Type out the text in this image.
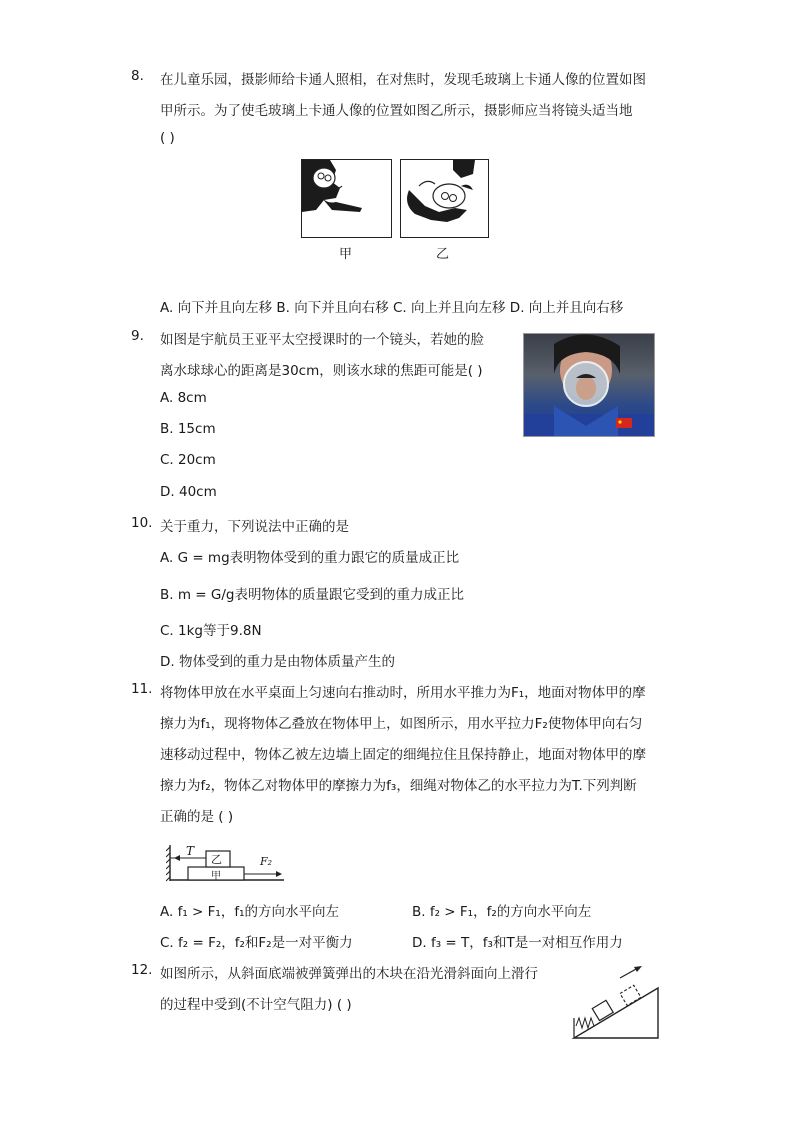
8. 在儿童乐园，摄影师给卡通人照相，在对焦时，发现毛玻璃上卡通人像的位置如图
甲所示。为了使毛玻璃上卡通人像的位置如图乙所示，摄影师应当将镜头适当地
( )
甲	乙
A. 向下并且向左移 B. 向下并且向右移 C. 向上并且向左移 D. 向上并且向右移
9. 如图是宇航员王亚平太空授课时的一个镜头，若她的脸
离水球球心的距离是30cm，则该水球的焦距可能是( )
A. 8cm
B. 15cm
C. 20cm
D. 40cm
10. 关于重力，下列说法中正确的是
A. G = mg表明物体受到的重力跟它的质量成正比
B. m = G/g表明物体的质量跟它受到的重力成正比
C. 1kg等于9.8N
D. 物体受到的重力是由物体质量产生的
11. 将物体甲放在水平桌面上匀速向右推动时，所用水平推力为F₁，地面对物体甲的摩
擦力为f₁，现将物体乙叠放在物体甲上，如图所示，用水平拉力F₂使物体甲向右匀
速移动过程中，物体乙被左边墙上固定的细绳拉住且保持静止，地面对物体甲的摩
擦力为f₂，物体乙对物体甲的摩擦力为f₃，细绳对物体乙的水平拉力为T.下列判断
正确的是 ( )
T
乙
甲
F₂
A. f₁ > F₁，f₁的方向水平向左	B. f₂ > F₁，f₂的方向水平向左
C. f₂ = F₂，f₂和F₂是一对平衡力	D. f₃ = T，f₃和T是一对相互作用力
12. 如图所示，从斜面底端被弹簧弹出的木块在沿光滑斜面向上滑行
的过程中受到(不计空气阻力) ( )
